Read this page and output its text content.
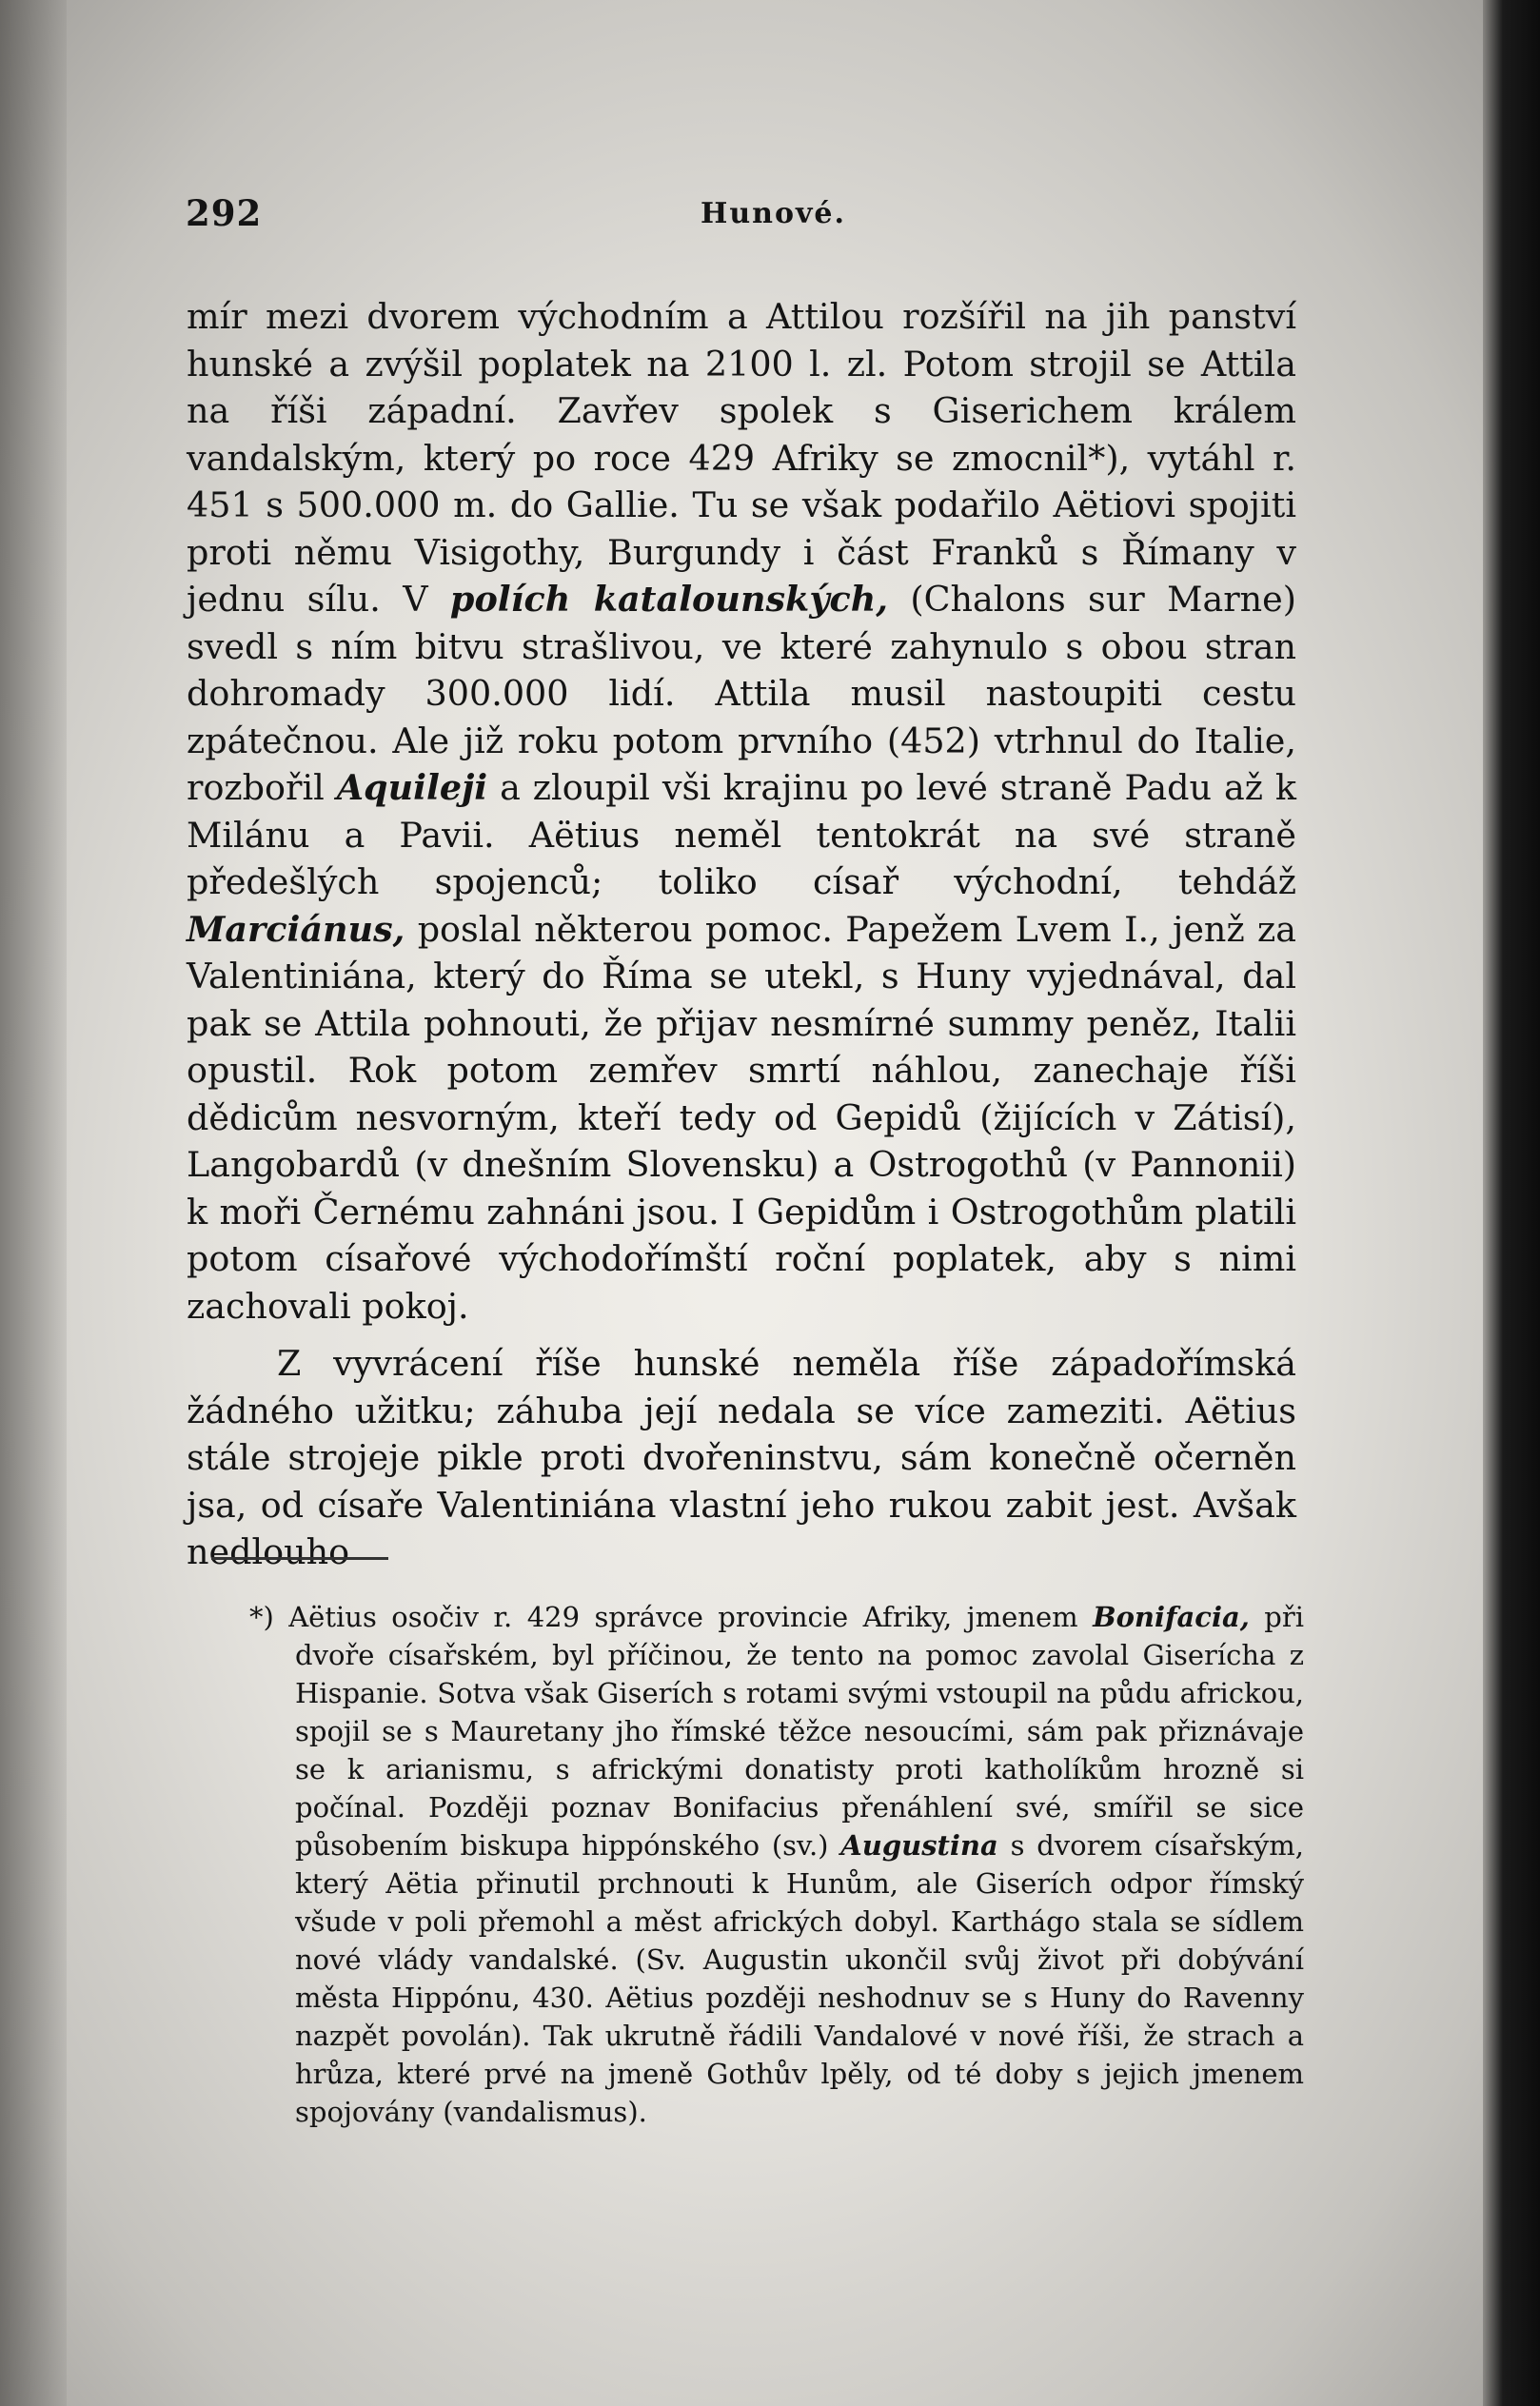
292	Hunové.

mír mezi dvorem východním a Attilou rozšířil na jih panství hunské a zvýšil poplatek na 2100 l. zl. Potom strojil se Attila na říši západní. Zavřev spolek s Giserichem králem vandalským, který po roce 429 Afriky se zmocnil*), vytáhl r. 451 s 500.000 m. do Gallie. Tu se však podařilo Aëtiovi spojiti proti němu Visigothy, Burgundy i část Franků s Římany v jednu sílu. V polích katalounských, (Chalons sur Marne) svedl s ním bitvu strašlivou, ve které zahynulo s obou stran dohromady 300.000 lidí. Attila musil nastoupiti cestu zpátečnou. Ale již roku potom prvního (452) vtrhnul do Italie, rozbořil Aquileji a zloupil vši krajinu po levé straně Padu až k Milánu a Pavii. Aëtius neměl tentokrát na své straně předešlých spojenců; toliko císař východní, tehdáž Marciánus, poslal některou pomoc. Papežem Lvem I., jenž za Valentiniána, který do Říma se utekl, s Huny vyjednával, dal pak se Attila pohnouti, že přijav nesmírné summy peněz, Italii opustil. Rok potom zemřev smrtí náhlou, zanechaje říši dědicům nesvorným, kteří tedy od Gepidů (žijících v Zátisí), Langobardů (v dnešním Slovensku) a Ostrogothů (v Pannonii) k moři Černému zahnáni jsou. I Gepidům i Ostrogothům platili potom císařové východořímští roční poplatek, aby s nimi zachovali pokoj.

Z vyvrácení říše hunské neměla říše západořímská žádného užitku; záhuba její nedala se více zameziti. Aëtius stále strojeje pikle proti dvořeninstvu, sám konečně očerněn jsa, od císaře Valentiniána vlastní jeho rukou zabit jest. Avšak nedlouho

*) Aëtius osočiv r. 429 správce provincie Afriky, jmenem Bonifacia, při dvoře císařském, byl příčinou, že tento na pomoc zavolal Giserícha z Hispanie. Sotva však Giserích s rotami svými vstoupil na půdu africkou, spojil se s Mauretany jho římské těžce nesoucími, sám pak přiznávaje se k arianismu, s africkými donatisty proti katholíkům hrozně si počínal. Později poznav Bonifacius přenáhlení své, smířil se sice působením biskupa hippónského (sv.) Augustina s dvorem císařským, který Aëtia přinutil prchnouti k Hunům, ale Giserích odpor římský všude v poli přemohl a měst afrických dobyl. Karthágo stala se sídlem nové vlády vandalské. (Sv. Augustin ukončil svůj život při dobývání města Hippónu, 430. Aëtius později neshodnuv se s Huny do Ravenny nazpět povolán). Tak ukrutně řádili Vandalové v nové říši, že strach a hrůza, které prvé na jmeně Gothův lpěly, od té doby s jejich jmenem spojovány (vandalismus).
